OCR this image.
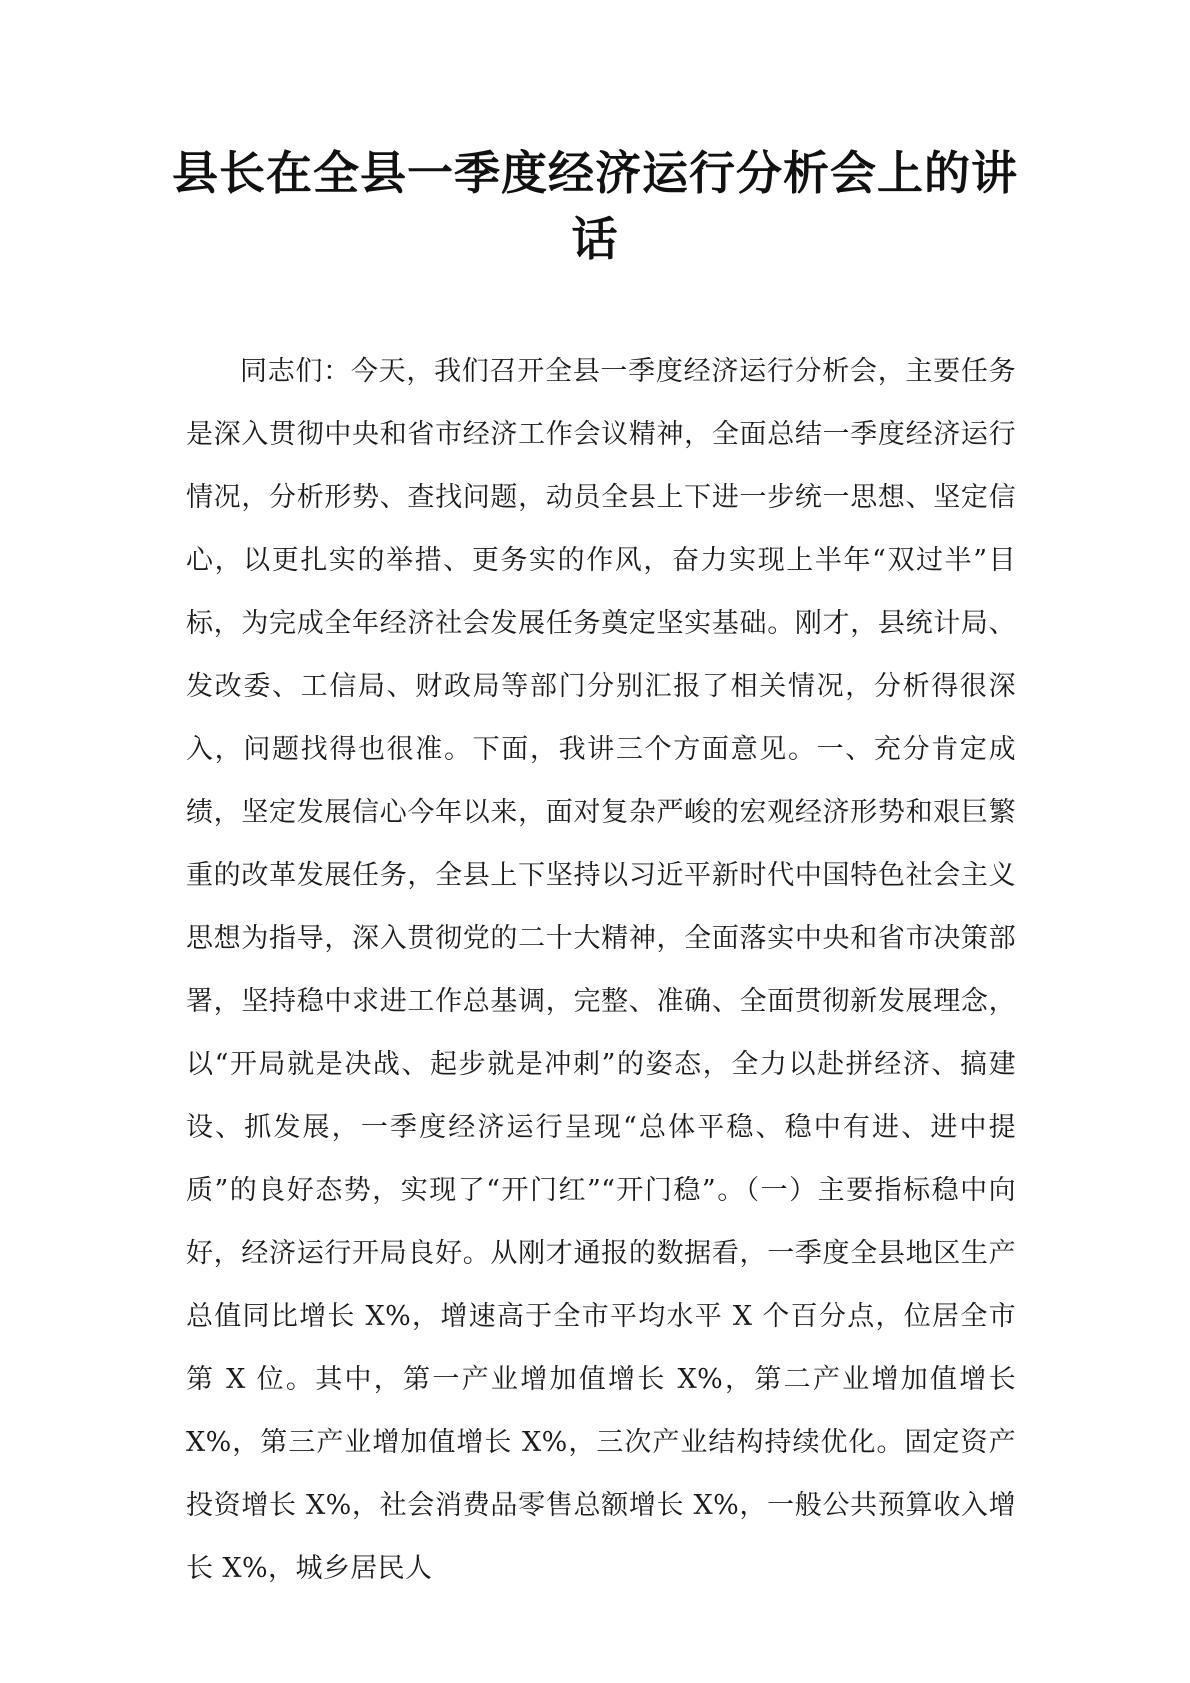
县长在全县一季度经济运行分析会上的讲话

同志们：今天，我们召开全县一季度经济运行分析会，主要任务是深入贯彻中央和省市经济工作会议精神，全面总结一季度经济运行情况，分析形势、查找问题，动员全县上下进一步统一思想、坚定信心，以更扎实的举措、更务实的作风，奋力实现上半年“双过半”目标，为完成全年经济社会发展任务奠定坚实基础。刚才，县统计局、发改委、工信局、财政局等部门分别汇报了相关情况，分析得很深入，问题找得也很准。下面，我讲三个方面意见。一、充分肯定成绩，坚定发展信心今年以来，面对复杂严峻的宏观经济形势和艰巨繁重的改革发展任务，全县上下坚持以习近平新时代中国特色社会主义思想为指导，深入贯彻党的二十大精神，全面落实中央和省市决策部署，坚持稳中求进工作总基调，完整、准确、全面贯彻新发展理念，以“开局就是决战、起步就是冲刺”的姿态，全力以赴拼经济、搞建设、抓发展，一季度经济运行呈现“总体平稳、稳中有进、进中提质”的良好态势，实现了“开门红”“开门稳”。（一）主要指标稳中向好，经济运行开局良好。从刚才通报的数据看，一季度全县地区生产总值同比增长 X%，增速高于全市平均水平 X 个百分点，位居全市第 X 位。其中，第一产业增加值增长 X%，第二产业增加值增长 X%，第三产业增加值增长 X%，三次产业结构持续优化。固定资产投资增长 X%，社会消费品零售总额增长 X%，一般公共预算收入增长 X%，城乡居民人
